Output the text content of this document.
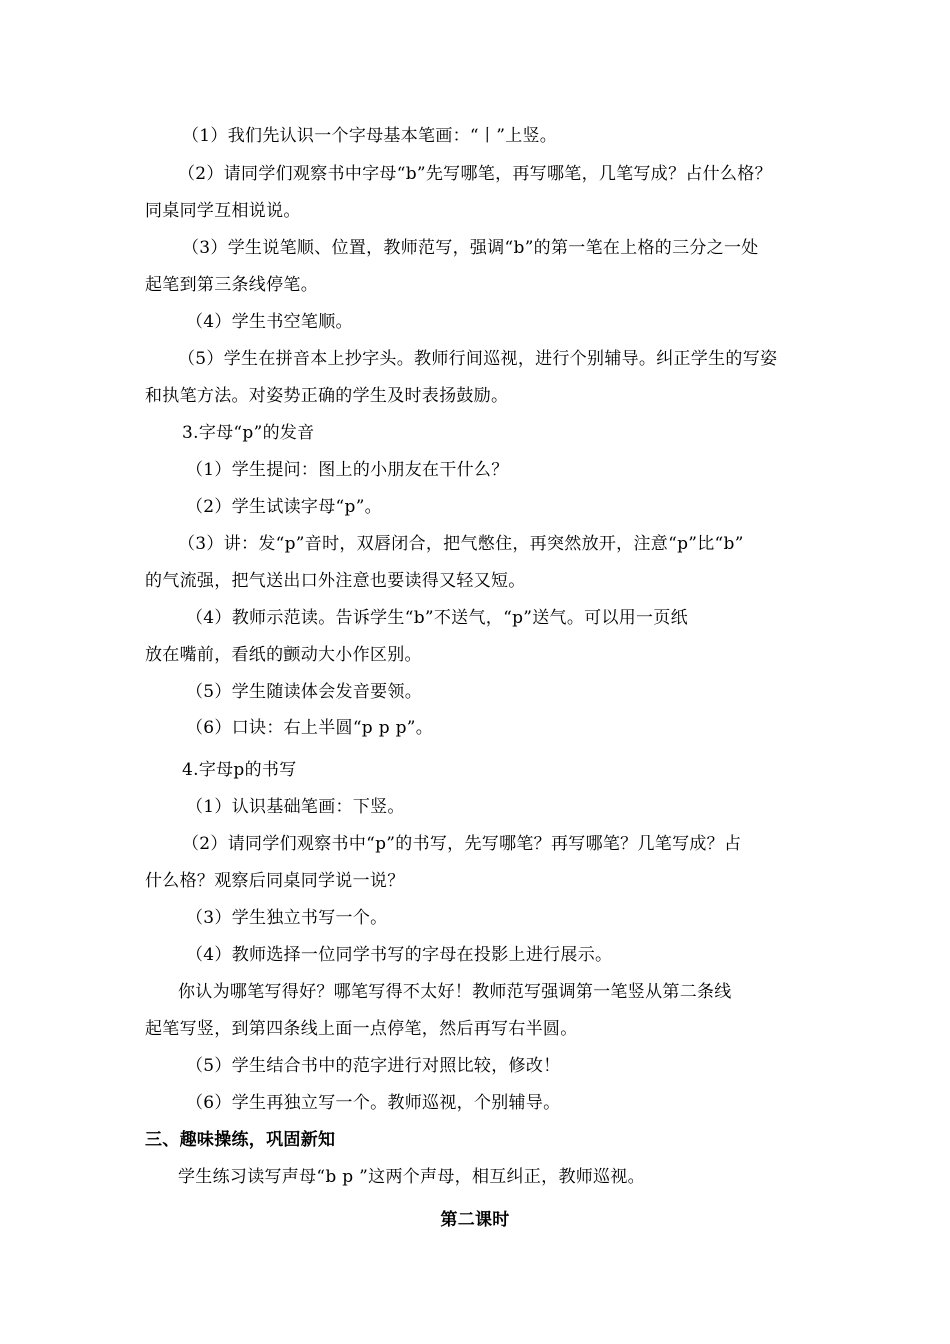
（1）我们先认识一个字母基本笔画：“丨”上竖。
（2）请同学们观察书中字母“b”先写哪笔，再写哪笔，几笔写成？占什么格？
同桌同学互相说说。
（3）学生说笔顺、位置，教师范写，强调“b”的第一笔在上格的三分之一处
起笔到第三条线停笔。
（4）学生书空笔顺。
（5）学生在拼音本上抄字头。教师行间巡视，进行个别辅导。纠正学生的写姿
和执笔方法。对姿势正确的学生及时表扬鼓励。
3.字母“p”的发音
（1）学生提问：图上的小朋友在干什么？
（2）学生试读字母“p”。
（3）讲：发“p”音时，双唇闭合，把气憋住，再突然放开，注意“p”比“b”
的气流强，把气送出口外注意也要读得又轻又短。
（4）教师示范读。告诉学生“b”不送气，“p”送气。可以用一页纸
放在嘴前，看纸的颤动大小作区别。
（5）学生随读体会发音要领。
（6）口诀：右上半圆“p p p”。
4.字母p的书写
（1）认识基础笔画：下竖。
（2）请同学们观察书中“p”的书写，先写哪笔？再写哪笔？几笔写成？占
什么格？观察后同桌同学说一说？
（3）学生独立书写一个。
（4）教师选择一位同学书写的字母在投影上进行展示。
你认为哪笔写得好？哪笔写得不太好！教师范写强调第一笔竖从第二条线
起笔写竖，到第四条线上面一点停笔，然后再写右半圆。
（5）学生结合书中的范字进行对照比较，修改！
（6）学生再独立写一个。教师巡视，个别辅导。
三、趣味操练，巩固新知
学生练习读写声母“b p ”这两个声母，相互纠正，教师巡视。
第二课时
